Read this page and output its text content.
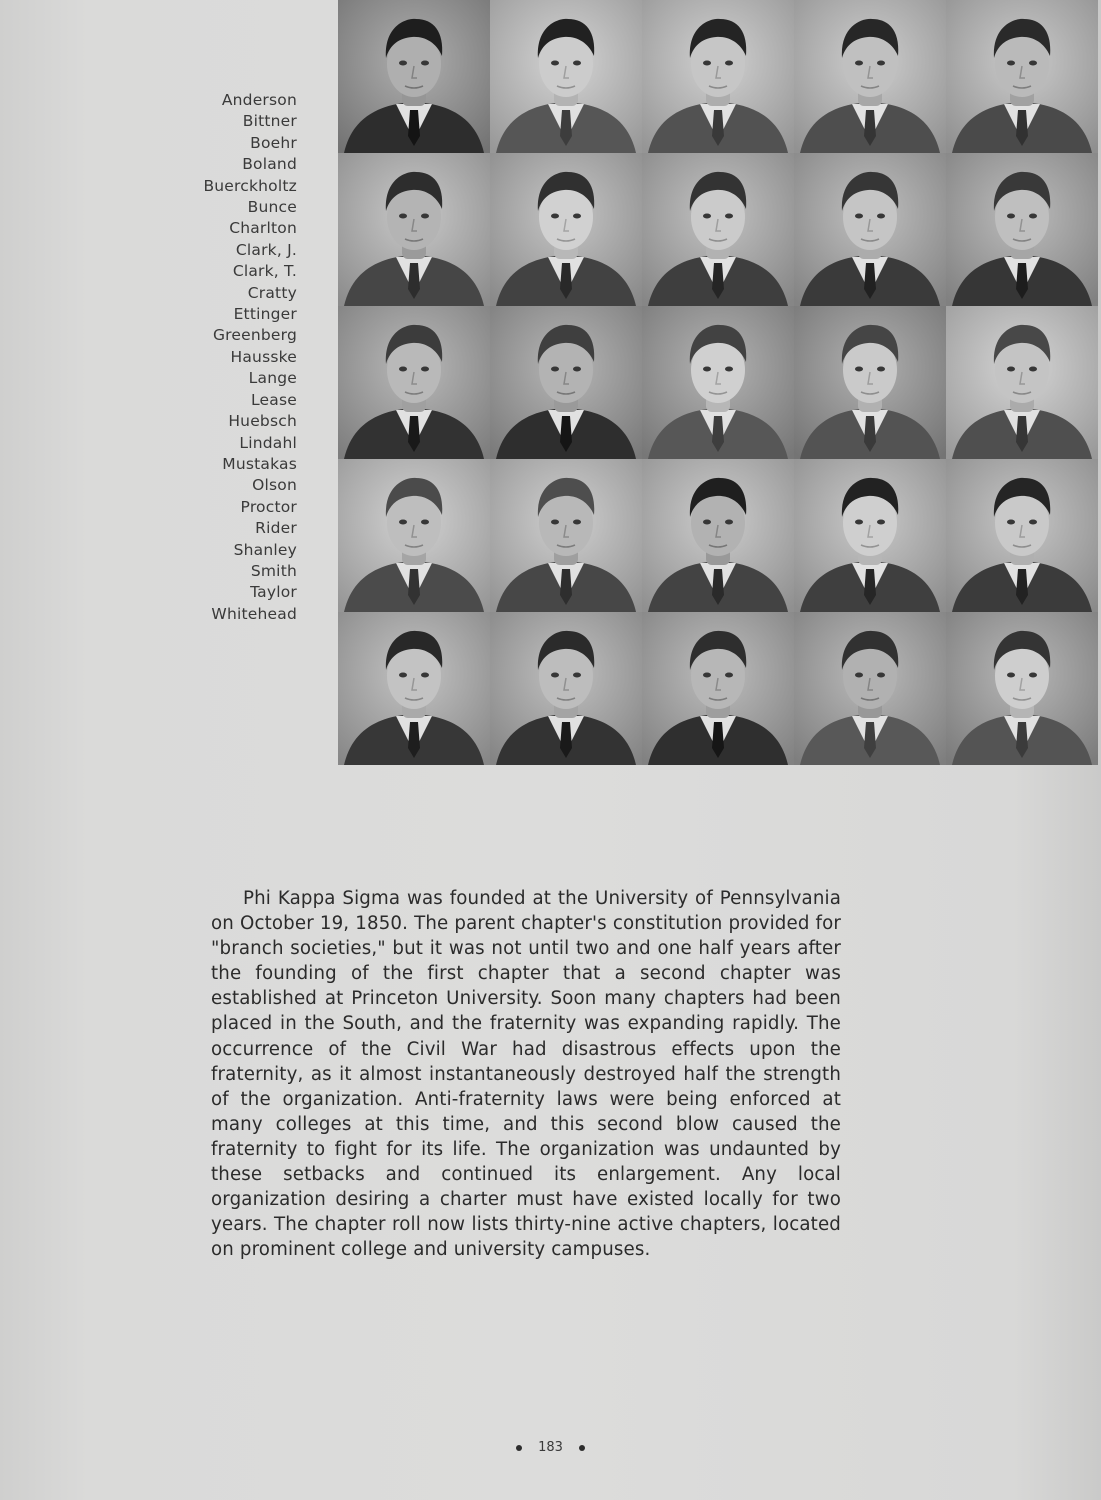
Anderson
Bittner
Boehr
Boland
Buerckholtz
Bunce
Charlton
Clark, J.
Clark, T.
Cratty
Ettinger
Greenberg
Hausske
Lange
Lease
Huebsch
Lindahl
Mustakas
Olson
Proctor
Rider
Shanley
Smith
Taylor
Whitehead

Phi Kappa Sigma was founded at the University of Pennsylvania on October 19, 1850. The parent chapter's constitution provided for "branch societies," but it was not until two and one half years after the founding of the first chapter that a second chapter was established at Princeton University. Soon many chapters had been placed in the South, and the fraternity was expanding rapidly. The occurrence of the Civil War had disastrous effects upon the fraternity, as it almost instantaneously destroyed half the strength of the organization. Anti-fraternity laws were being enforced at many colleges at this time, and this second blow caused the fraternity to fight for its life. The organization was undaunted by these setbacks and continued its enlargement. Any local organization desiring a charter must have existed locally for two years. The chapter roll now lists thirty-nine active chapters, located on prominent college and university campuses.

183
